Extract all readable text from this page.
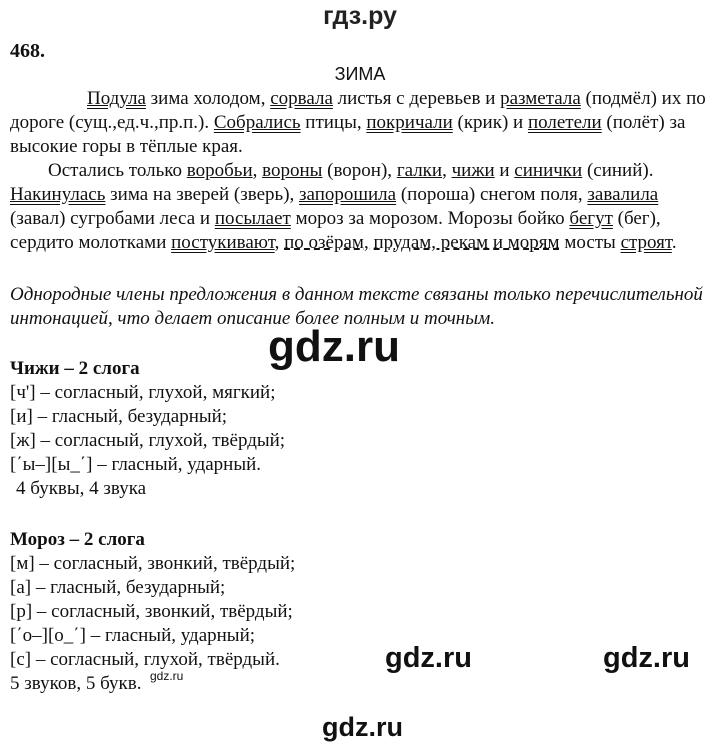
гдз.ру
468.
ЗИМА

Подула зима холодом, сорвала листья с деревьев и разметала (подмёл) их по дороге (сущ.,ед.ч.,пр.п.). Собрались птицы, покричали (крик) и полетели (полёт) за высокие горы в тёплые края.

Остались только воробьи, вороны (ворон), галки, чижи и синички (синий). Накинулась зима на зверей (зверь), запорошила (пороша) снегом поля, завалила (завал) сугробами леса и посылает мороз за морозом. Морозы бойко бегут (бег), сердито молотками постукивают, по озёрам, прудам, рекам и морям мосты строят.

Однородные члены предложения в данном тексте связаны только перечислительной интонацией, что делает описание более полным и точным.
Чижи – 2 слога
[ч'] – согласный, глухой, мягкий;
[и] – гласный, безударный;
[ж] – согласный, глухой, твёрдый;
[΄ы–][ы_΄] – гласный, ударный.
4 буквы, 4 звука
Мороз – 2 слога
[м] – согласный, звонкий, твёрдый;
[а] – гласный, безударный;
[р] – согласный, звонкий, твёрдый;
[΄о–][о_΄] – гласный, ударный;
[с] – согласный, глухой, твёрдый.
5 звуков, 5 букв.
gdz.ru
gdz.ru	gdz.ru
gdz.ru
gdz.ru
